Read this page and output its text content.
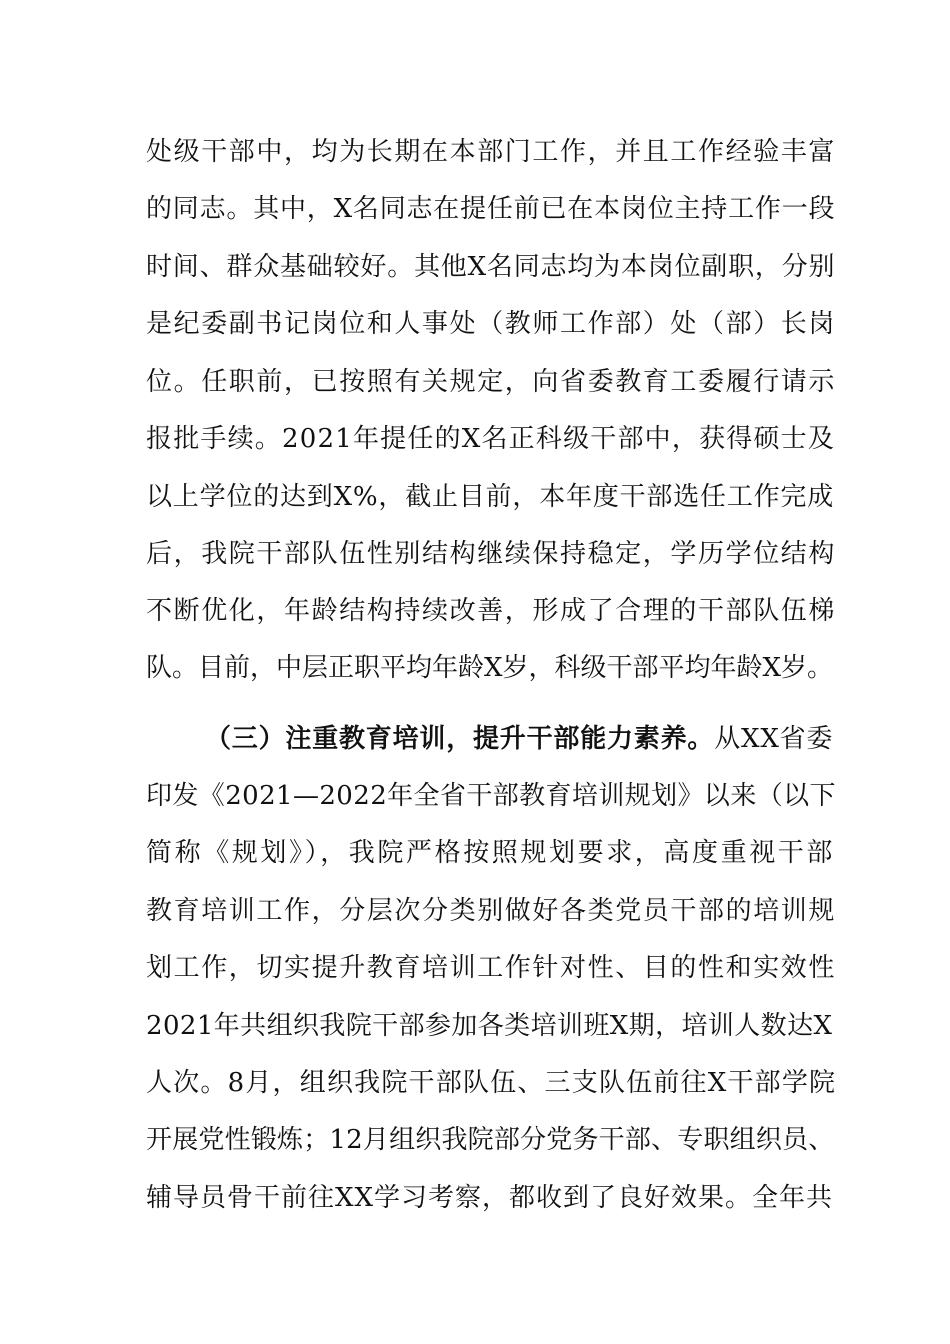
处级干部中，均为长期在本部门工作，并且工作经验丰富
的同志。其中，X名同志在提任前已在本岗位主持工作一段
时间、群众基础较好。其他X名同志均为本岗位副职，分别
是纪委副书记岗位和人事处（教师工作部）处（部）长岗
位。任职前，已按照有关规定，向省委教育工委履行请示
报批手续。2021年提任的X名正科级干部中，获得硕士及
以上学位的达到X%，截止目前，本年度干部选任工作完成
后，我院干部队伍性别结构继续保持稳定，学历学位结构
不断优化，年龄结构持续改善，形成了合理的干部队伍梯
队。目前，中层正职平均年龄X岁，科级干部平均年龄X岁。
（三）注重教育培训，提升干部能力素养。从XX省委
印发《2021—2022年全省干部教育培训规划》以来（以下
简称《规划》），我院严格按照规划要求，高度重视干部
教育培训工作，分层次分类别做好各类党员干部的培训规
划工作，切实提升教育培训工作针对性、目的性和实效性
2021年共组织我院干部参加各类培训班X期，培训人数达X
人次。8月，组织我院干部队伍、三支队伍前往X干部学院
开展党性锻炼；12月组织我院部分党务干部、专职组织员、
辅导员骨干前往XX学习考察，都收到了良好效果。全年共
